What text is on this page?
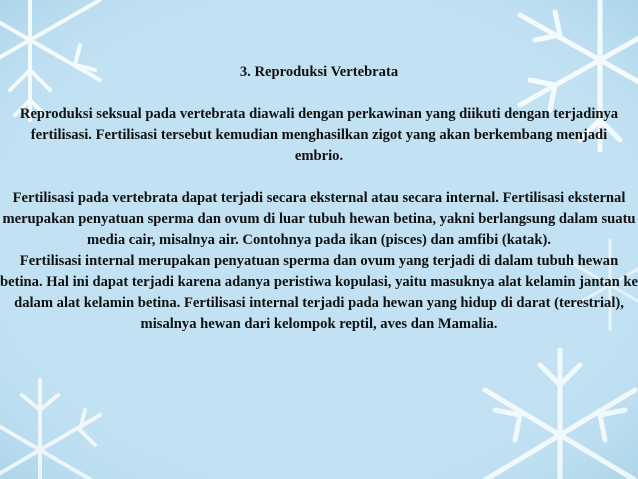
3. Reproduksi Vertebrata
Reproduksi seksual pada vertebrata diawali dengan perkawinan yang diikuti dengan terjadinya fertilisasi. Fertilisasi tersebut kemudian menghasilkan zigot yang akan berkembang menjadi embrio.
Fertilisasi pada vertebrata dapat terjadi secara eksternal atau secara internal. Fertilisasi eksternal merupakan penyatuan sperma dan ovum di luar tubuh hewan betina, yakni berlangsung dalam suatu media cair, misalnya air. Contohnya pada ikan (pisces) dan amfibi (katak).
Fertilisasi internal merupakan penyatuan sperma dan ovum yang terjadi di dalam tubuh hewan betina. Hal ini dapat terjadi karena adanya peristiwa kopulasi, yaitu masuknya alat kelamin jantan ke dalam alat kelamin betina. Fertilisasi internal terjadi pada hewan yang hidup di darat (terestrial), misalnya hewan dari kelompok reptil, aves dan Mamalia.
